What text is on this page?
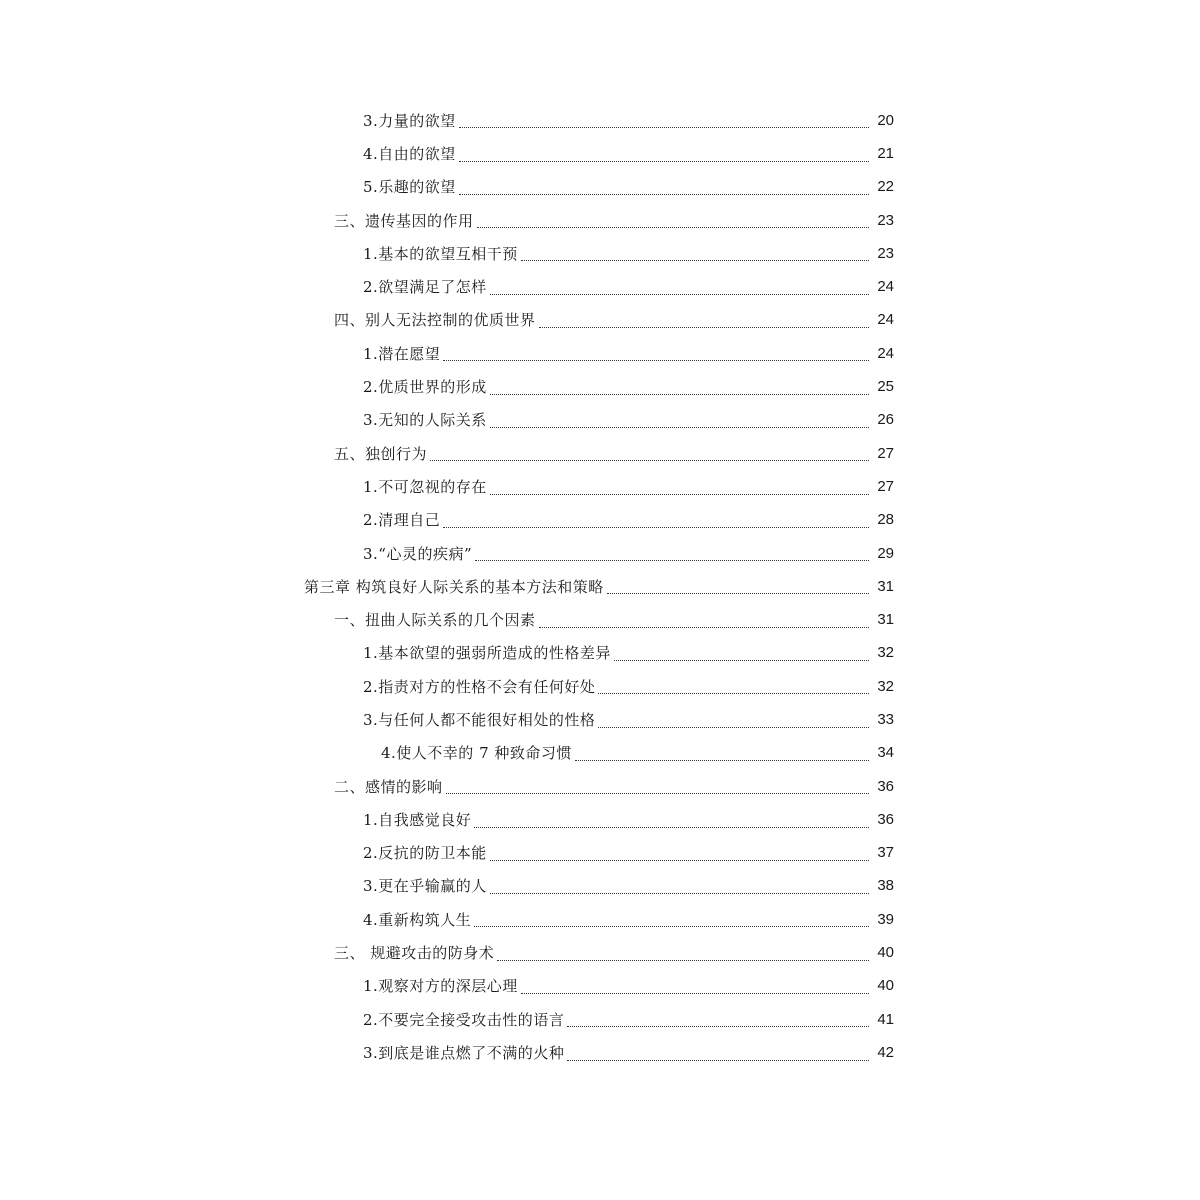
3.力量的欲望	20
4.自由的欲望	21
5.乐趣的欲望	22
三、遗传基因的作用	23
1.基本的欲望互相干预	23
2.欲望满足了怎样	24
四、别人无法控制的优质世界	24
1.潜在愿望	24
2.优质世界的形成	25
3.无知的人际关系	26
五、独创行为	27
1.不可忽视的存在	27
2.清理自己	28
3.“心灵的疾病”	29
第三章 构筑良好人际关系的基本方法和策略	31
一、扭曲人际关系的几个因素	31
1.基本欲望的强弱所造成的性格差异	32
2.指责对方的性格不会有任何好处	32
3.与任何人都不能很好相处的性格	33
4.使人不幸的 7 种致命习惯	34
二、感情的影响	36
1.自我感觉良好	36
2.反抗的防卫本能	37
3.更在乎输赢的人	38
4.重新构筑人生	39
三、 规避攻击的防身术	40
1.观察对方的深层心理	40
2.不要完全接受攻击性的语言	41
3.到底是谁点燃了不满的火种	42
